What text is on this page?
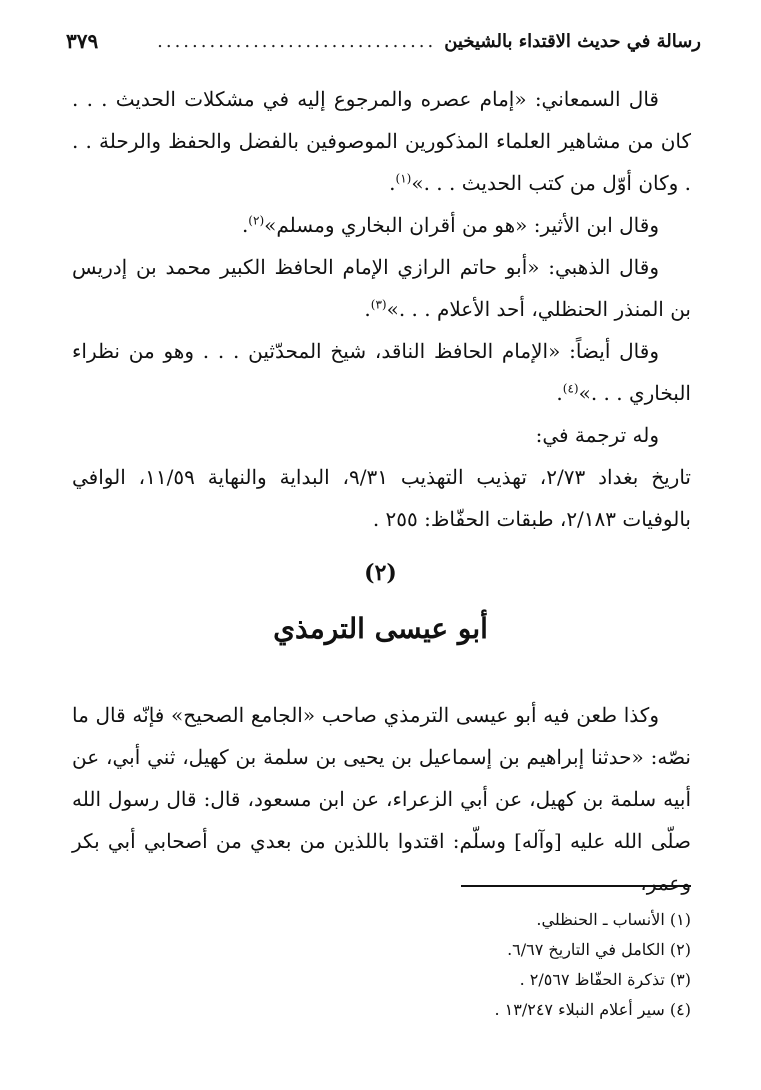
رسالة في حديث الاقتداء بالشيخين
................................
٣٧٩

قال السمعاني: «إمام عصره والمرجوع إليه في مشكلات الحديث . . . كان من مشاهير العلماء المذكورين الموصوفين بالفضل والحفظ والرحلة . . . وكان أوّل من كتب الحديث . . .»$^{(١)}$.

وقال ابن الأثير: «هو من أقران البخاري ومسلم»$^{(٢)}$.

وقال الذهبي: «أبو حاتم الرازي الإمام الحافظ الكبير محمد بن إدريس بن المنذر الحنظلي، أحد الأعلام . . .»$^{(٣)}$.

وقال أيضاً: «الإمام الحافظ الناقد، شيخ المحدّثين . . . وهو من نظراء البخاري . . .»$^{(٤)}$.

وله ترجمة في:

تاريخ بغداد ٢/٧٣، تهذيب التهذيب ٩/٣١، البداية والنهاية ١١/٥٩، الوافي بالوفيات ٢/١٨٣، طبقات الحفّاظ: ٢٥٥ .

(٢)
أبو عيسى الترمذي

وكذا طعن فيه أبو عيسى الترمذي صاحب «الجامع الصحيح» فإنّه قال ما نصّه: «حدثنا إبراهيم بن إسماعيل بن يحيى بن سلمة بن كهيل، ثني أبي، عن أبيه سلمة بن كهيل، عن أبي الزعراء، عن ابن مسعود، قال: قال رسول الله صلّى الله عليه [وآله] وسلّم: اقتدوا باللذين من بعدي من أصحابي أبي بكر وعمر،

(١) الأنساب ـ الحنظلي.

(٢) الكامل في التاريخ ٦/٦٧.

(٣) تذكرة الحفّاظ ٢/٥٦٧ .

(٤) سير أعلام النبلاء ١٣/٢٤٧ .
